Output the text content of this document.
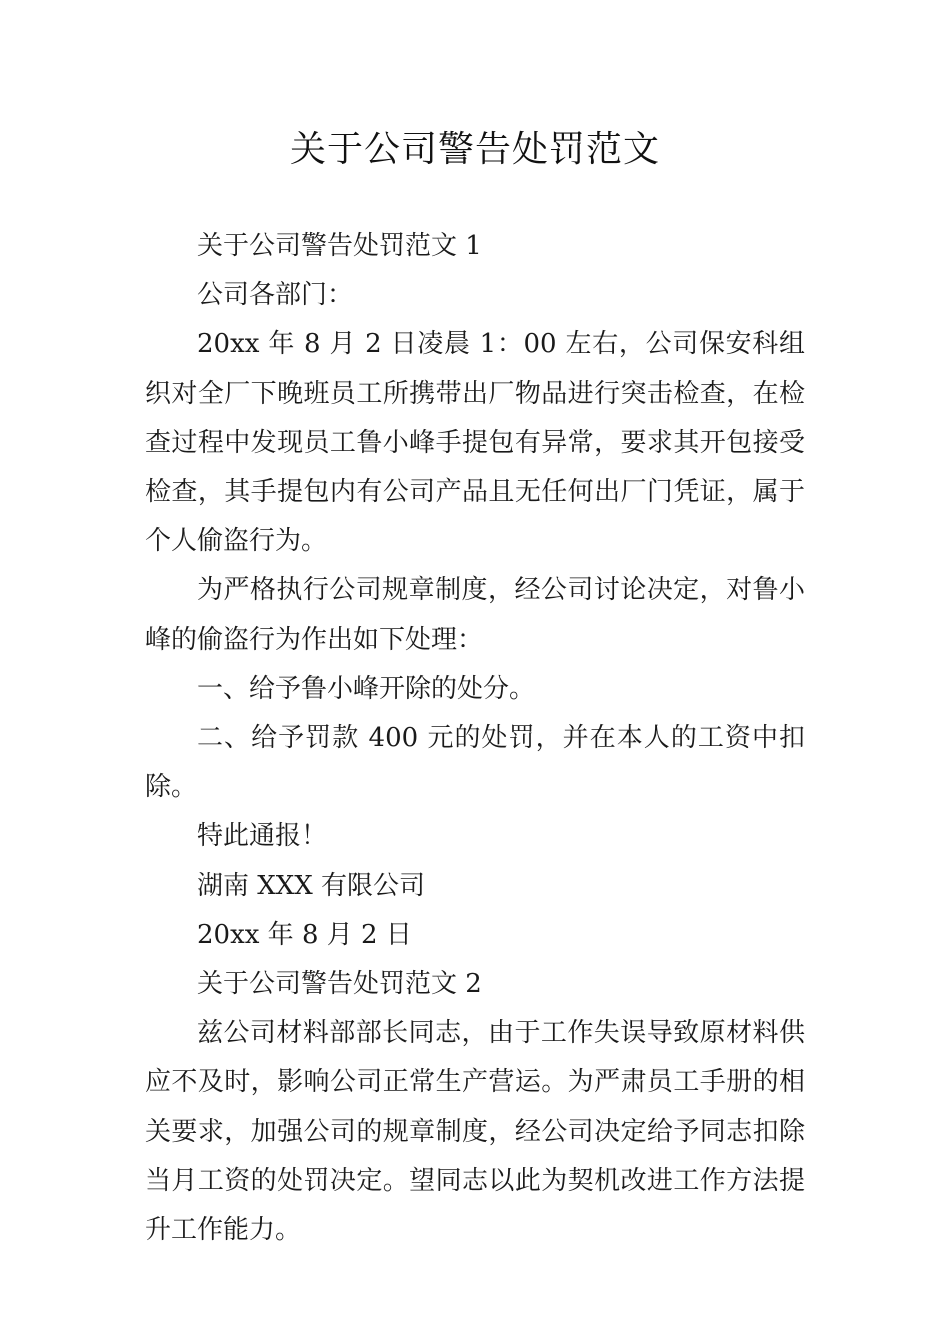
关于公司警告处罚范文

关于公司警告处罚范文 1

公司各部门：

20xx 年 8 月 2 日凌晨 1：00 左右，公司保安科组织对全厂下晚班员工所携带出厂物品进行突击检查，在检查过程中发现员工鲁小峰手提包有异常，要求其开包接受检查，其手提包内有公司产品且无任何出厂门凭证，属于个人偷盗行为。

为严格执行公司规章制度，经公司讨论决定，对鲁小峰的偷盗行为作出如下处理：

一、给予鲁小峰开除的处分。

二、给予罚款 400 元的处罚，并在本人的工资中扣除。

特此通报！

湖南 XXX 有限公司

20xx 年 8 月 2 日

关于公司警告处罚范文 2

兹公司材料部部长同志，由于工作失误导致原材料供应不及时，影响公司正常生产营运。为严肃员工手册的相关要求，加强公司的规章制度，经公司决定给予同志扣除当月工资的处罚决定。望同志以此为契机改进工作方法提升工作能力。
